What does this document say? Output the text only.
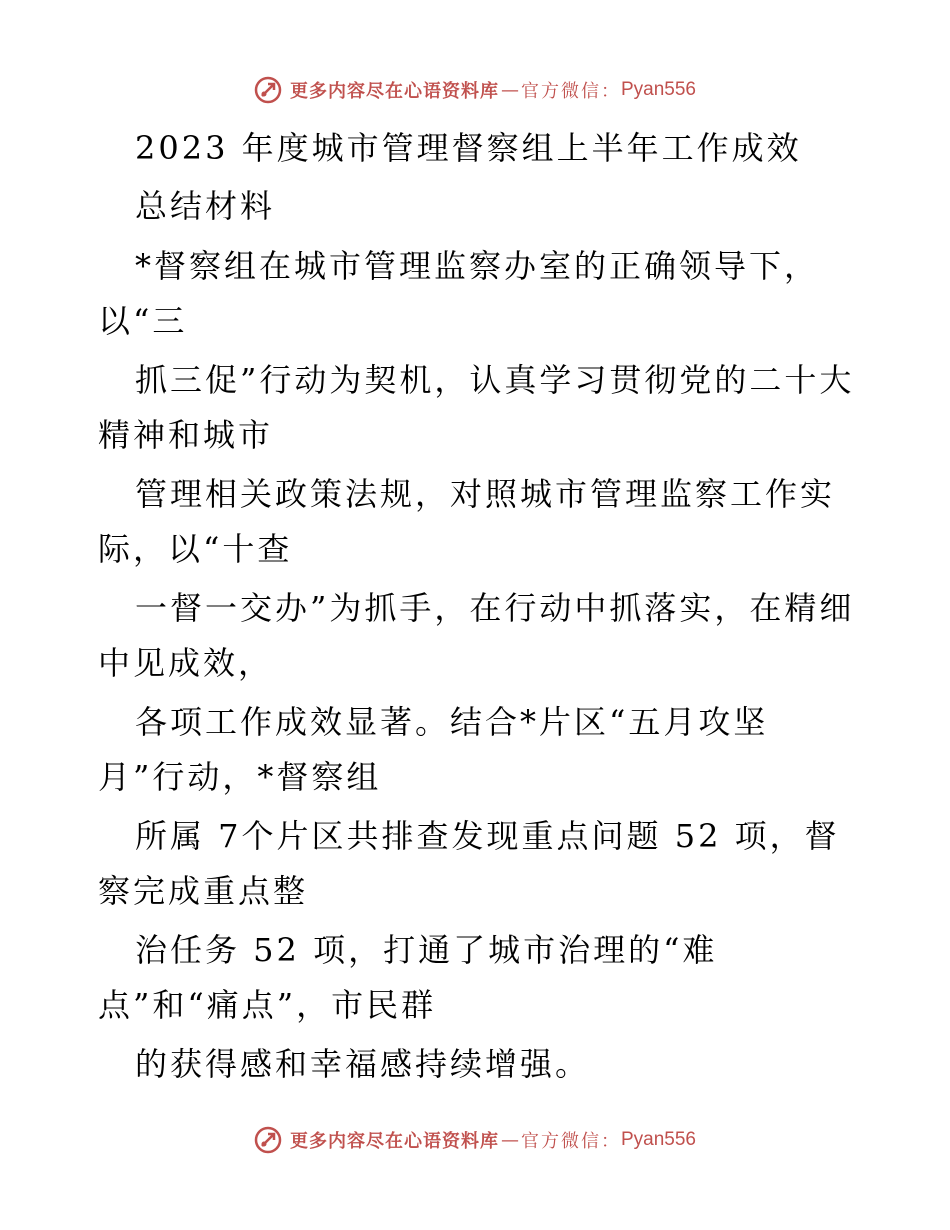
更多内容尽在心语资料库 — 官方微信： Pyan556
2023 年度城市管理督察组上半年工作成效
总结材料
*督察组在城市管理监察办室的正确领导下，
以“三
抓三促”行动为契机，认真学习贯彻党的二十大
精神和城市
管理相关政策法规，对照城市管理监察工作实
际，以“十查
一督一交办”为抓手，在行动中抓落实，在精细
中见成效，
各项工作成效显著。结合*片区“五月攻坚
月”行动，*督察组
所属 7个片区共排查发现重点问题 52 项，督
察完成重点整
治任务 52 项，打通了城市治理的“难
点”和“痛点”，市民群
的获得感和幸福感持续增强。
更多内容尽在心语资料库 — 官方微信： Pyan556
